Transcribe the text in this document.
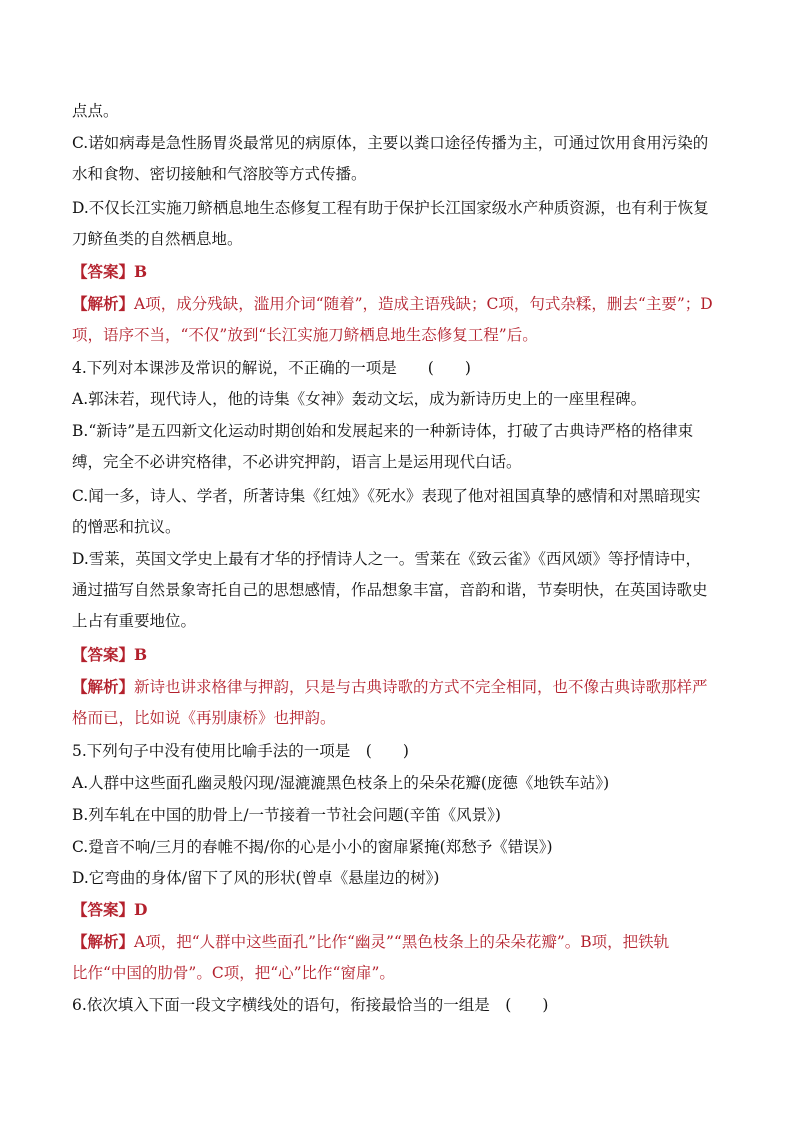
点点。
C.诺如病毒是急性肠胃炎最常见的病原体，主要以粪口途径传播为主，可通过饮用食用污染的
水和食物、密切接触和气溶胶等方式传播。
D.不仅长江实施刀鲚栖息地生态修复工程有助于保护长江国家级水产种质资源，也有利于恢复
刀鲚鱼类的自然栖息地。
【答案】B
【解析】A项，成分残缺，滥用介词“随着”，造成主语残缺；C项，句式杂糅，删去“主要”；D
项，语序不当，“不仅”放到“长江实施刀鲚栖息地生态修复工程”后。
4.下列对本课涉及常识的解说，不正确的一项是　　(　　)
A.郭沫若，现代诗人，他的诗集《女神》轰动文坛，成为新诗历史上的一座里程碑。
B.“新诗”是五四新文化运动时期创始和发展起来的一种新诗体，打破了古典诗严格的格律束
缚，完全不必讲究格律，不必讲究押韵，语言上是运用现代白话。
C.闻一多，诗人、学者，所著诗集《红烛》《死水》表现了他对祖国真挚的感情和对黑暗现实
的憎恶和抗议。
D.雪莱，英国文学史上最有才华的抒情诗人之一。雪莱在《致云雀》《西风颂》等抒情诗中，
通过描写自然景象寄托自己的思想感情，作品想象丰富，音韵和谐，节奏明快，在英国诗歌史
上占有重要地位。
【答案】B
【解析】新诗也讲求格律与押韵，只是与古典诗歌的方式不完全相同，也不像古典诗歌那样严
格而已，比如说《再别康桥》也押韵。
5.下列句子中没有使用比喻手法的一项是　(　　)
A.人群中这些面孔幽灵般闪现/湿漉漉黑色枝条上的朵朵花瓣(庞德《地铁车站》)
B.列车轧在中国的肋骨上/一节接着一节社会问题(辛笛《风景》)
C.跫音不响/三月的春帷不揭/你的心是小小的窗扉紧掩(郑愁予《错误》)
D.它弯曲的身体/留下了风的形状(曾卓《悬崖边的树》)
【答案】D
【解析】A项，把“人群中这些面孔”比作“幽灵”“黑色枝条上的朵朵花瓣”。B项，把铁轨
比作“中国的肋骨”。C项，把“心”比作“窗扉”。
6.依次填入下面一段文字横线处的语句，衔接最恰当的一组是　(　　)
